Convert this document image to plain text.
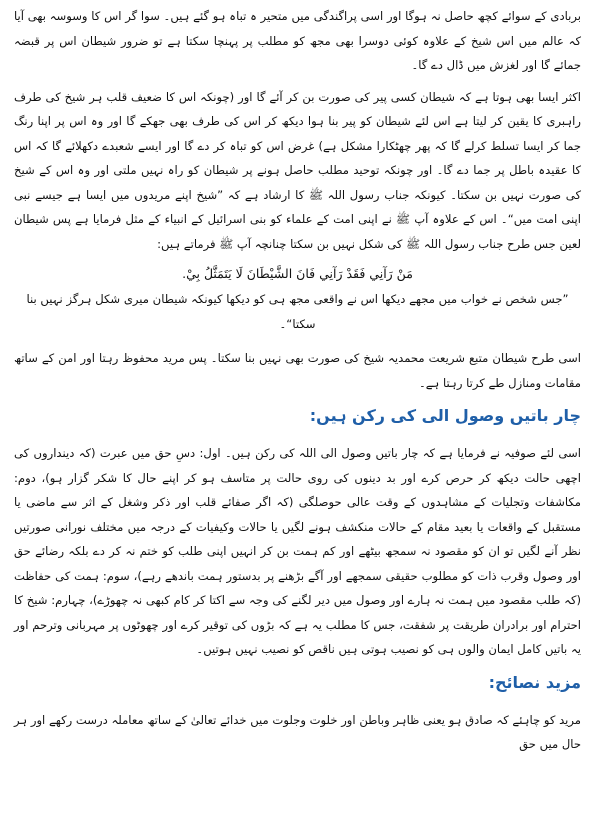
بربادی کے سوائے کچھ حاصل نہ ہوگا اور اسی پراگندگی میں متحیر ہ تباہ ہو گئے ہیں۔ سوا گر اس کا وسوسہ بھی آیا کہ عالم میں اس شیخ کے علاوہ کوئی دوسرا بھی مجھ کو مطلب پر پہنچا سکتا ہے تو ضرور شیطان اس پر قبضہ جمائے گا اور لغزش میں ڈال دے گا۔

اکثر ایسا بھی ہوتا ہے کہ شیطان کسی پیر کی صورت بن کر آئے گا اور (چونکہ اس کا ضعیف قلب ہر شیخ کی طرف راہبری کا یقین کر لیتا ہے اس لئے شیطان کو پیر بنا ہوا دیکھ کر اس کی طرف بھی جھکے گا اور وہ اس پر اپنا رنگ جما کر ایسا تسلط کرلے گا کہ پھر چھٹکارا مشکل ہے) غرض اس کو تباہ کر دے گا اور ایسے شعبدے دکھلائے گا کہ اس کا عقیدہ باطل پر جما دے گا۔ اور چونکہ توحید مطلب حاصل ہونے پر شیطان کو راہ نہیں ملتی اور وہ اس کے شیخ کی صورت نہیں بن سکتا۔ کیونکہ جناب رسول اللہ ﷺ کا ارشاد ہے کہ ”شیخ اپنے مریدوں میں ایسا ہے جیسے نبی اپنی امت میں“۔ اس کے علاوہ آپ ﷺ نے اپنی امت کے علماء کو بنی اسرائیل کے انبیاء کے مثل فرمایا ہے پس شیطان لعین جس طرح جناب رسول اللہ ﷺ کی شکل نہیں بن سکتا چنانچہ آپ ﷺ فرماتے ہیں:

مَنْ رَآنِي فَقَدْ رَآنِي فَانَ الشَّيْطَانَ لَا يَتَمَثَّلُ بِيْ.

”جس شخص نے خواب میں مجھے دیکھا اس نے واقعی مجھ ہی کو دیکھا کیونکہ شیطان میری شکل ہرگز نہیں بنا سکتا“۔

اسی طرح شیطان متبع شریعت محمدیہ شیخ کی صورت بھی نہیں بنا سکتا۔ پس مرید محفوظ رہتا اور امن کے ساتھ مقامات ومنازل طے کرتا رہتا ہے۔

چار باتیں وصول الی کی رکن ہیں:

اسی لئے صوفیہ نے فرمایا ہے کہ چار باتیں وصول الی اللہ کی رکن ہیں۔ اول: دسِ حق میں عبرت (کہ دینداروں کی اچھی حالت دیکھ کر حرص کرے اور بد دینوں کی روی حالت پر متاسف ہو کر اپنے حال کا شکر گزار ہو)، دوم: مکاشفات وتجلیات کے مشاہدوں کے وقت عالی حوصلگی (کہ اگر صفائے قلب اور ذکر وشغل کے اثر سے ماضی یا مستقبل کے واقعات یا بعید مقام کے حالات منکشف ہونے لگیں یا حالات وکیفیات کے درجہ میں مختلف نورانی صورتیں نظر آنے لگیں تو ان کو مقصود نہ سمجھ بیٹھے اور کم ہمت بن کر انہیں اپنی طلب کو ختم نہ کر دے بلکہ رضائے حق اور وصول وقرب ذات کو مطلوب حقیقی سمجھے اور آگے بڑھنے پر بدستور ہمت باندھے رہے)، سوم: ہمت کی حفاظت (کہ طلب مقصود میں ہمت نہ ہارے اور وصول میں دیر لگنے کی وجہ سے اکتا کر کام کبھی نہ چھوڑے)، چہارم: شیخ کا احترام اور برادران طریقت پر شفقت، جس کا مطلب یہ ہے کہ بڑوں کی توقیر کرے اور چھوٹوں پر مہربانی وترحم اور یہ باتیں کامل ایمان والوں ہی کو نصیب ہوتی ہیں ناقص کو نصیب نہیں ہوتیں۔

مزید نصائح:

مرید کو چاہئے کہ صادق ہو یعنی ظاہر وباطن اور خلوت وجلوت میں خدائے تعالیٰ کے ساتھ معاملہ درست رکھے اور ہر حال میں حق
